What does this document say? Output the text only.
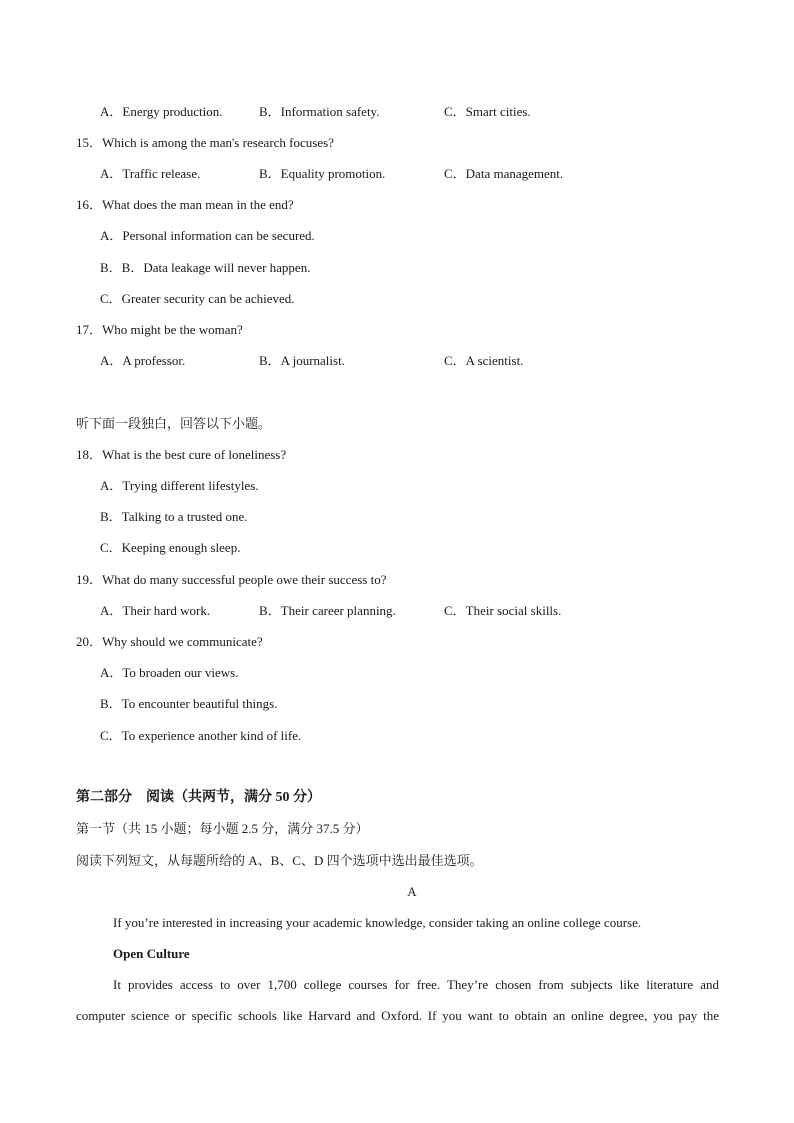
A．Energy production.	B．Information safety.	C．Smart cities.
15．Which is among the man's research focuses?
A．Traffic release.	B．Equality promotion.	C．Data management.
16．What does the man mean in the end?
A．Personal information can be secured.
B．B．Data leakage will never happen.
C．Greater security can be achieved.
17．Who might be the woman?
A．A professor.	B．A journalist.	C．A scientist.
听下面一段独白，回答以下小题。
18．What is the best cure of loneliness?
A．Trying different lifestyles.
B．Talking to a trusted one.
C．Keeping enough sleep.
19．What do many successful people owe their success to?
A．Their hard work.	B．Their career planning.	C．Their social skills.
20．Why should we communicate?
A．To broaden our views.
B．To encounter beautiful things.
C．To experience another kind of life.
第二部分　阅读（共两节，满分 50 分）
第一节（共 15 小题；每小题 2.5 分，满分 37.5 分）
阅读下列短文，从每题所给的 A、B、C、D 四个选项中选出最佳选项。
A
If you’re interested in increasing your academic knowledge, consider taking an online college course.
Open Culture
It provides access to over 1,700 college courses for free. They’re chosen from subjects like literature and
computer science or specific schools like Harvard and Oxford. If you want to obtain an online degree, you pay the
